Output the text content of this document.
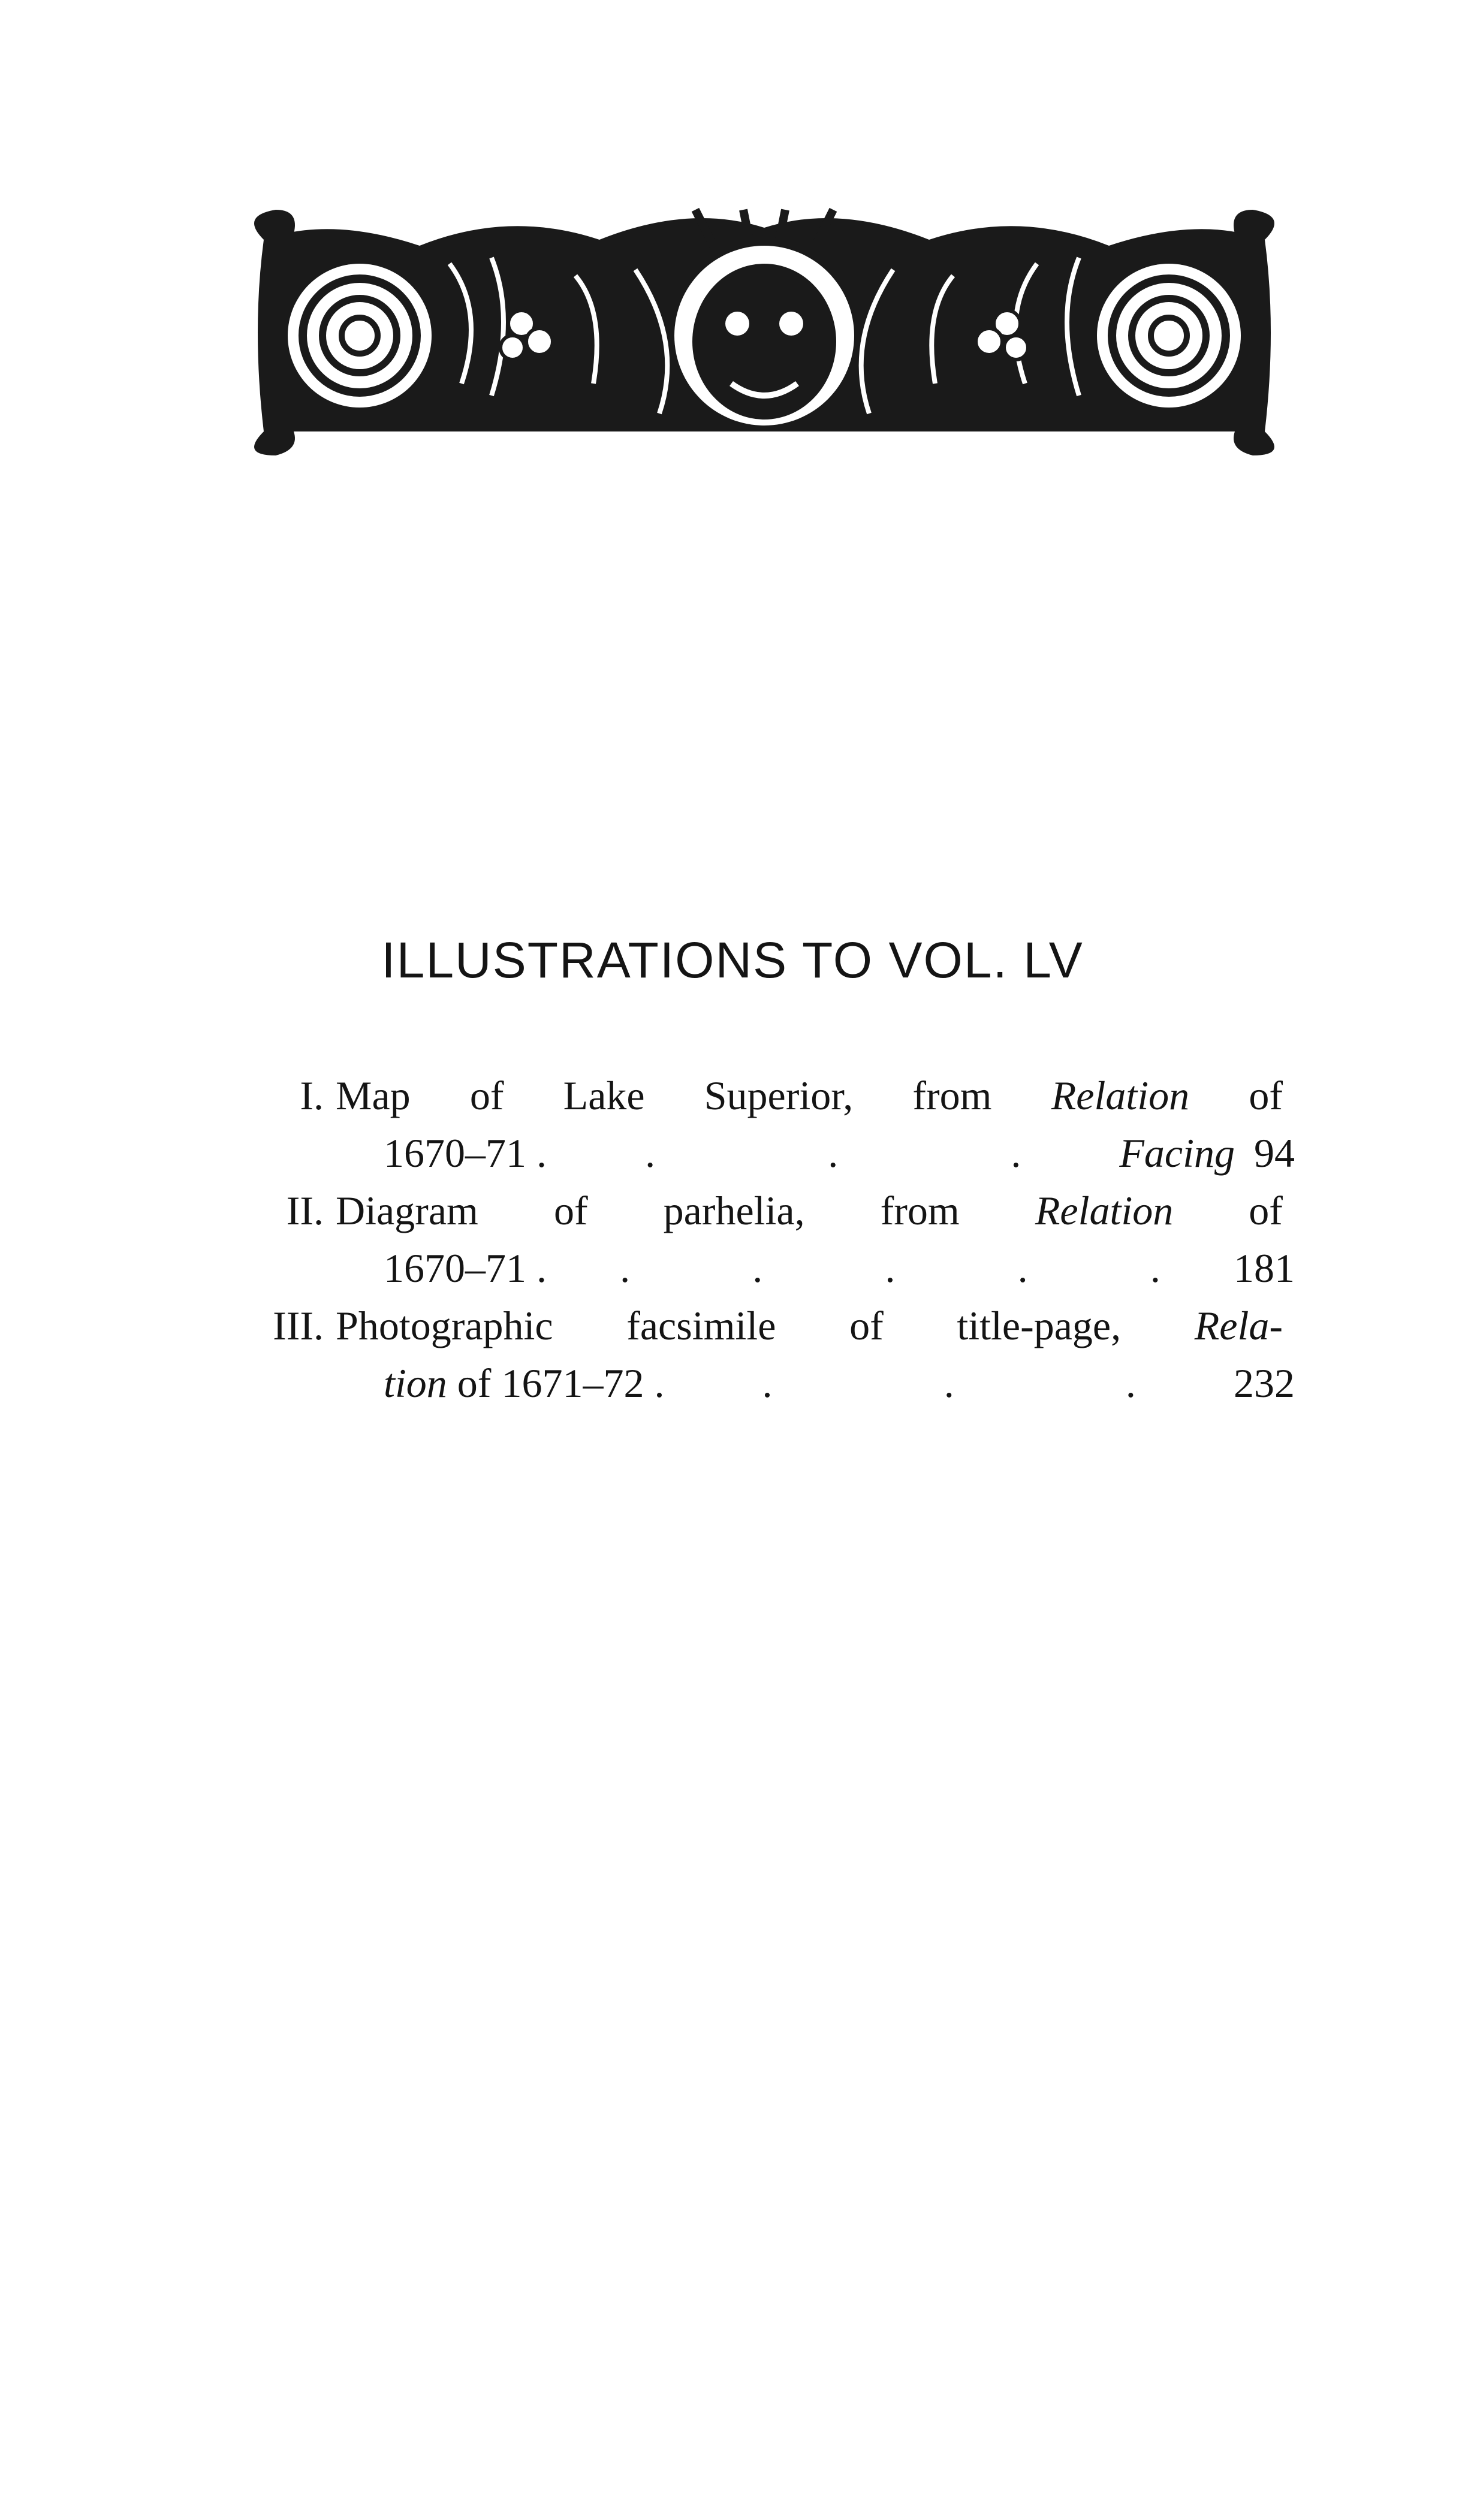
ILLUSTRATIONS TO VOL. LV
I. Map of Lake Superior, from Relation of
1670–71 . .	.	. Facing 94
II. Diagram of parhelia, from Relation of
1670–71 . .	.	.	.	. 181
III. Photographic facsimile of title-page, Rela-
tion
of 1671–72 . .	.	. 232
